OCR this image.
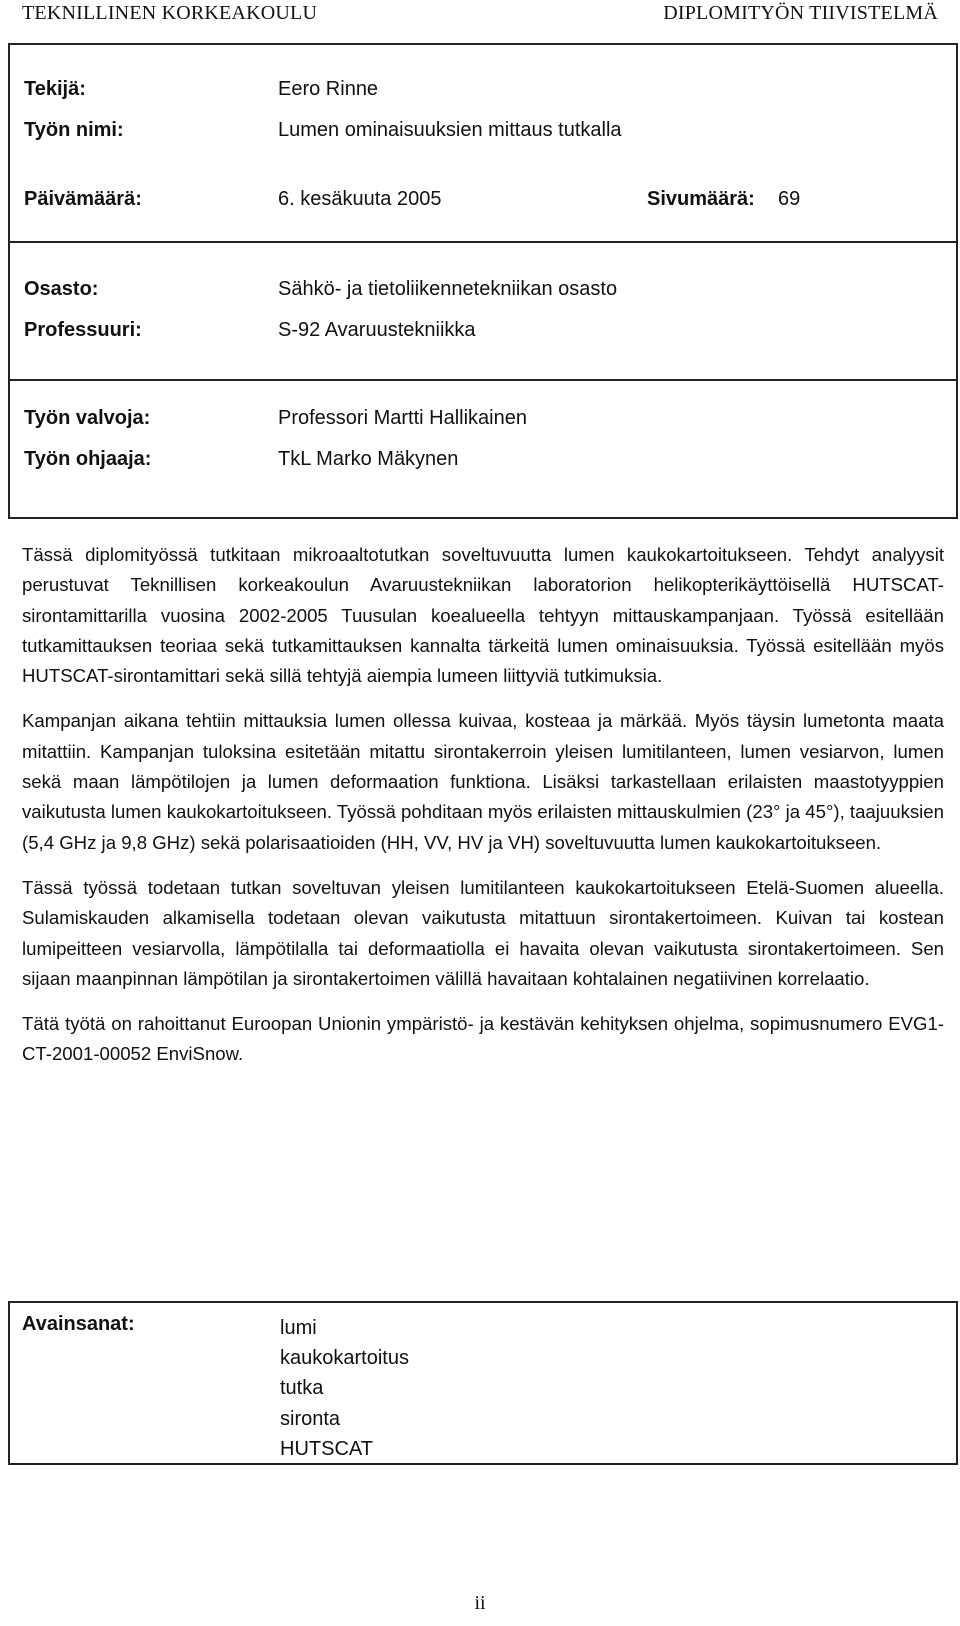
TEKNILLINEN KORKEAKOULU	DIPLOMITYÖN TIIVISTELMÄ
Tekijä:	Eero Rinne
Työn nimi:	Lumen ominaisuuksien mittaus tutkalla
Päivämäärä:	6. kesäkuuta 2005	Sivumäärä: 69
Osasto:	Sähkö- ja tietoliikennetekniikan osasto
Professuuri:	S-92 Avaruustekniikka
Työn valvoja:	Professori Martti Hallikainen
Työn ohjaaja:	TkL Marko Mäkynen

Tässä diplomityössä tutkitaan mikroaaltotutkan soveltuvuutta lumen kaukokartoitukseen. Tehdyt analyysit perustuvat Teknillisen korkeakoulun Avaruustekniikan laboratorion helikopterikäyttöisellä HUTSCAT-sirontamittarilla vuosina 2002-2005 Tuusulan koealueella tehtyyn mittauskampanjaan. Työssä esitellään tutkamittauksen teoriaa sekä tutkamittauksen kannalta tärkeitä lumen ominaisuuksia. Työssä esitellään myös HUTSCAT-sirontamittari sekä sillä tehtyjä aiempia lumeen liittyviä tutkimuksia.

Kampanjan aikana tehtiin mittauksia lumen ollessa kuivaa, kosteaa ja märkää. Myös täysin lumetonta maata mitattiin. Kampanjan tuloksina esitetään mitattu sirontakerroin yleisen lumitilanteen, lumen vesiarvon, lumen sekä maan lämpötilojen ja lumen deformaation funktiona. Lisäksi tarkastellaan erilaisten maastotyyppien vaikutusta lumen kaukokartoitukseen. Työssä pohditaan myös erilaisten mittauskulmien (23° ja 45°), taajuuksien (5,4 GHz ja 9,8 GHz) sekä polarisaatioiden (HH, VV, HV ja VH) soveltuvuutta lumen kaukokartoitukseen.

Tässä työssä todetaan tutkan soveltuvan yleisen lumitilanteen kaukokartoitukseen Etelä-Suomen alueella. Sulamiskauden alkamisella todetaan olevan vaikutusta mitattuun sirontakertoimeen. Kuivan tai kostean lumipeitteen vesiarvolla, lämpötilalla tai deformaatiolla ei havaita olevan vaikutusta sirontakertoimeen. Sen sijaan maanpinnan lämpötilan ja sirontakertoimen välillä havaitaan kohtalainen negatiivinen korrelaatio.

Tätä työtä on rahoittanut Euroopan Unionin ympäristö- ja kestävän kehityksen ohjelma, sopimusnumero EVG1-CT-2001-00052 EnviSnow.

Avainsanat:	lumi
kaukokartoitus
tutka
sironta
HUTSCAT
ii
